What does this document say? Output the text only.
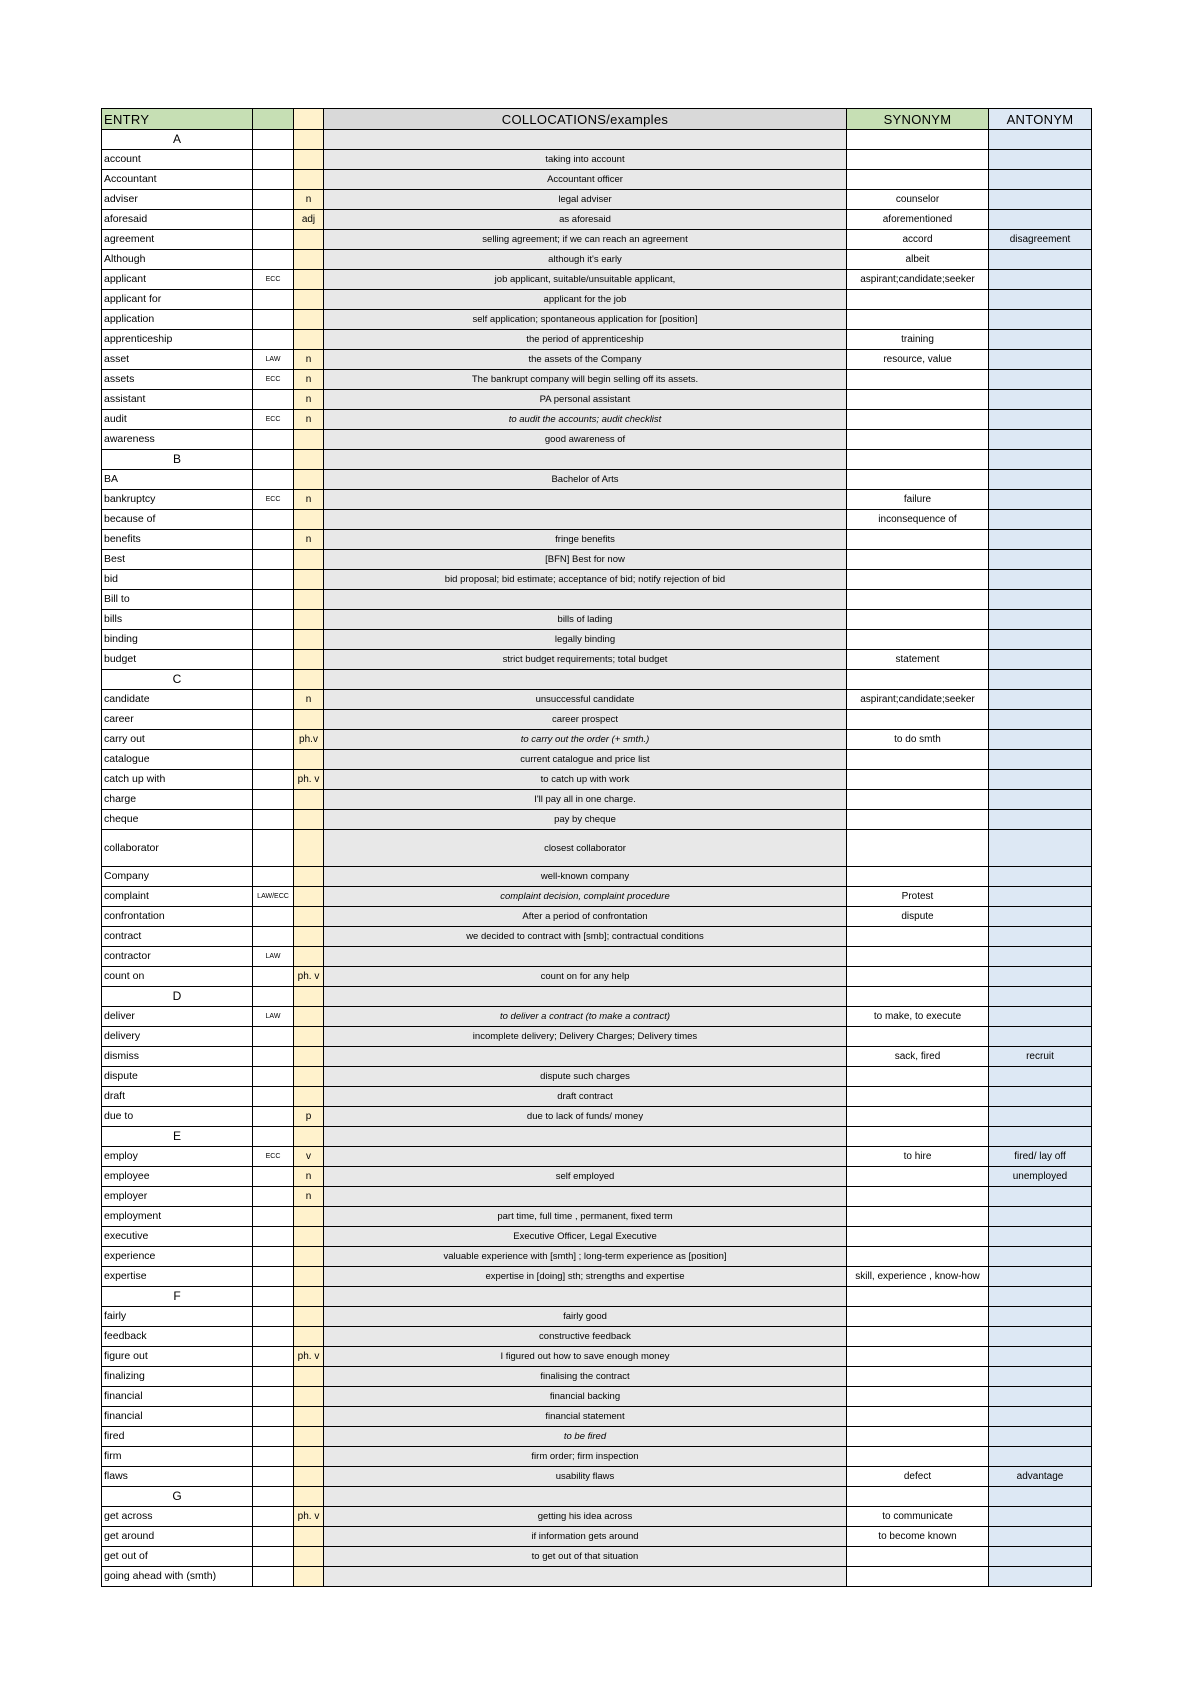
ENTRY			COLLOCATIONS/examples	SYNONYM	ANTONYM
A					
account			taking into account		
Accountant			Accountant officer		
adviser		n	legal adviser	counselor	
aforesaid		adj	as aforesaid	aforementioned	
agreement			selling agreement; if we can reach an agreement	accord	disagreement
Although			although it's early	albeit	
applicant	ECC		job applicant, suitable/unsuitable applicant,	aspirant;candidate;seeker	
applicant for			applicant for the job		
application			self application; spontaneous application for [position]		
apprenticeship			the period of apprenticeship	training	
asset	LAW	n	the assets of the Company	resource, value	
assets	ECC	n	The bankrupt company will begin selling off its assets.		
assistant		n	PA personal assistant		
audit	ECC	n	to audit the accounts; audit checklist		
awareness			good awareness of		
B					
BA			Bachelor of Arts		
bankruptcy	ECC	n		failure	
because of				inconsequence of	
benefits		n	fringe benefits		
Best			[BFN] Best for now		
bid			bid proposal; bid estimate; acceptance of bid; notify rejection of bid		
Bill to					
bills			bills of lading		
binding			legally binding		
budget			strict budget requirements; total budget	statement	
C					
candidate		n	unsuccessful candidate	aspirant;candidate;seeker	
career			career prospect		
carry out		ph.v	to carry out the order (+ smth.)	to do smth	
catalogue			current catalogue and price list		
catch up with		ph. v	to catch up with work		
charge			I'll pay all in one charge.		
cheque			pay by cheque		
collaborator			closest collaborator		
Company			well-known company		
complaint	LAW/ECC		complaint decision, complaint procedure	Protest	
confrontation			After a period of confrontation	dispute	
contract			we decided to contract with [smb]; contractual conditions		
contractor	LAW				
count on		ph. v	count on for any help		
D					
deliver	LAW		to deliver a contract (to make a contract)	to make, to execute	
delivery			incomplete delivery; Delivery Charges; Delivery times		
dismiss				sack, fired	recruit
dispute			dispute such charges		
draft			draft contract		
due to		p	due to lack of funds/ money		
E					
employ	ECC	v		to hire	fired/ lay off
employee		n	self employed		unemployed
employer		n			
employment			part time, full time , permanent, fixed term		
executive			Executive Officer, Legal Executive		
experience			valuable experience with [smth] ; long-term experience as [position]		
expertise			expertise in [doing] sth; strengths and expertise	skill, experience , know-how	
F					
fairly			fairly good		
feedback			constructive feedback		
figure out		ph. v	I figured out how to save enough money		
finalizing			finalising the contract		
financial			financial backing		
financial			financial statement		
fired			to be fired		
firm			firm order; firm inspection		
flaws			usability flaws	defect	advantage
G					
get across		ph. v	getting his idea across	to communicate	
get around			if information gets around	to become known	
get out of			to get out of that situation		
going ahead with (smth)					
